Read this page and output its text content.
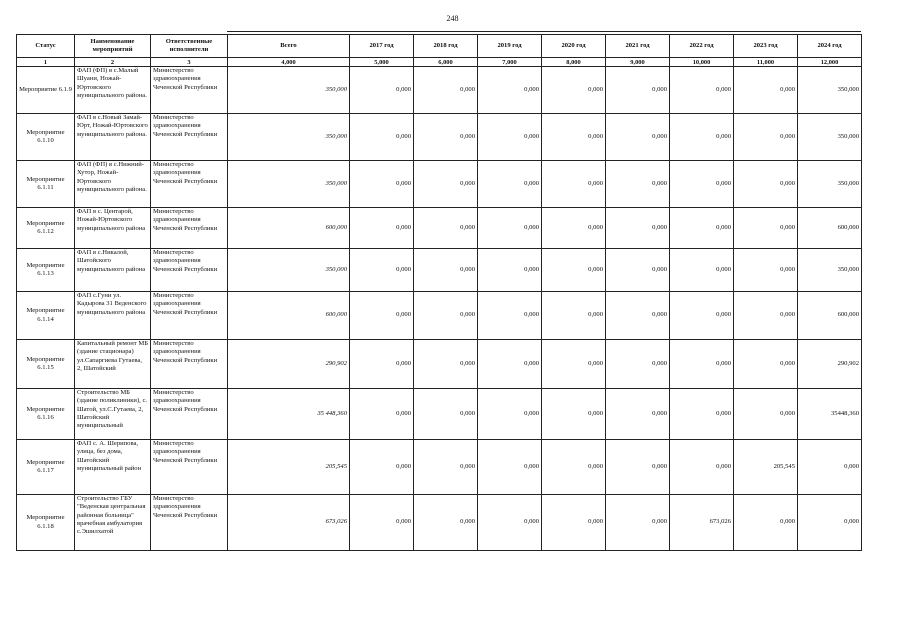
248
Статус	Наименование мероприятий	Ответственные исполнители	Всего	2017 год	2018 год	2019 год	2020 год	2021 год	2022 год	2023 год	2024 год
1	2	3	4,000	5,000	6,000	7,000	8,000	9,000	10,000	11,000	12,000
Мероприятие 6.1.9	ФАП (ФП) в с.Малый Шуани, Ножай-Юртовского муниципального района.	Министерство здравоохранения Чеченской Республики	350,000	0,000	0,000	0,000	0,000	0,000	0,000	0,000	350,000
Мероприятие 6.1.10	ФАП в с.Новый Замай-Юрт, Ножай-Юртовского муниципального района.	Министерство здравоохранения Чеченской Республики	350,000	0,000	0,000	0,000	0,000	0,000	0,000	0,000	350,000
Мероприятие 6.1.11	ФАП (ФП) в с.Нижний-Хутор, Ножай-Юртовского муниципального района.	Министерство здравоохранения Чеченской Республики	350,000	0,000	0,000	0,000	0,000	0,000	0,000	0,000	350,000
Мероприятие 6.1.12	ФАП в с. Центарой, Ножай-Юртовского муниципального района	Министерство здравоохранения Чеченской Республики	600,000	0,000	0,000	0,000	0,000	0,000	0,000	0,000	600,000
Мероприятие 6.1.13	ФАП в с.Никалой, Шатойского муниципального района	Министерство здравоохранения Чеченской Республики	350,000	0,000	0,000	0,000	0,000	0,000	0,000	0,000	350,000
Мероприятие 6.1.14	ФАП с.Гуни ул. Кадырова 31 Веденского муниципального района	Министерство здравоохранения Чеченской Республики	600,000	0,000	0,000	0,000	0,000	0,000	0,000	0,000	600,000
Мероприятие 6.1.15	Капитальный ремонт МБ (здание стационара) ул.Сапаргиева Гутаева, 2, Шатойский	Министерство здравоохранения Чеченской Республики	290,902	0,000	0,000	0,000	0,000	0,000	0,000	0,000	290,902
Мероприятие 6.1.16	Строительство МБ (здание поликлиники), с. Шатой, ул.С.Гутаева, 2, Шатойский муниципальный	Министерство здравоохранения Чеченской Республики	35 448,360	0,000	0,000	0,000	0,000	0,000	0,000	0,000	35448,360
Мероприятие 6.1.17	ФАП с. А. Шерипова, улица, без дома, Шатойский муниципальный район	Министерство здравоохранения Чеченской Республики	205,545	0,000	0,000	0,000	0,000	0,000	0,000	205,545	0,000
Мероприятие 6.1.18	Строительство ГБУ "Веденская центральная районная больница" врачебная амбулатория с.Эшилхатой	Министерство здравоохранения Чеченской Республики	673,026	0,000	0,000	0,000	0,000	0,000	673,026	0,000	0,000
